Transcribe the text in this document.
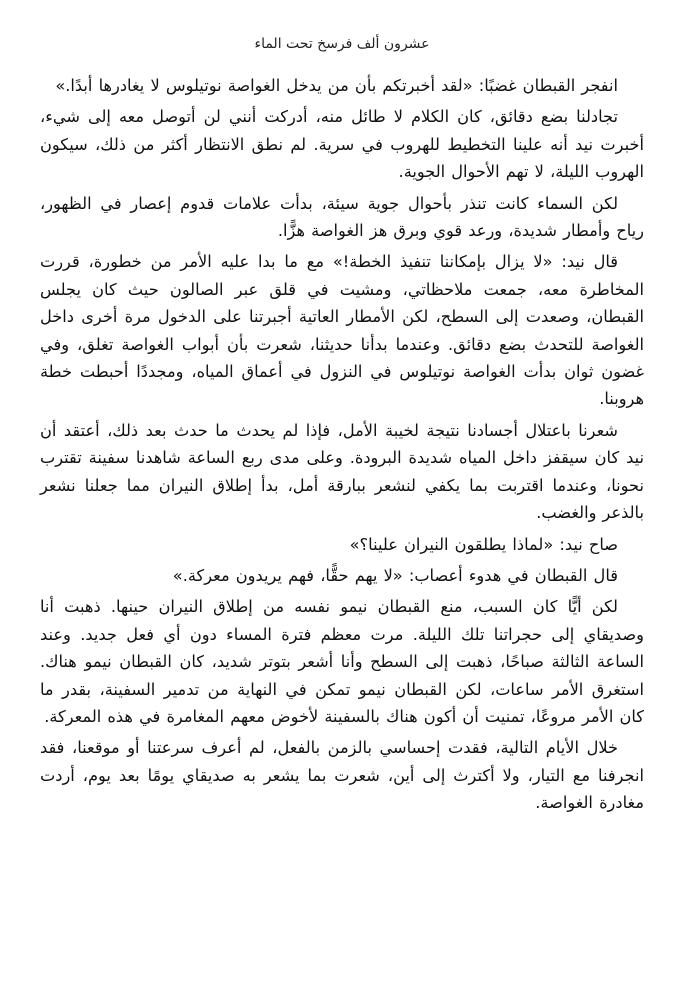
عشرون ألف فرسخ تحت الماء

انفجر القبطان غضبًا: «لقد أخبرتكم بأن من يدخل الغواصة نوتيلوس لا يغادرها أبدًا.»

تجادلنا بضع دقائق، كان الكلام لا طائل منه، أدركت أنني لن أتوصل معه إلى شيء، أخبرت نيد أنه علينا التخطيط للهروب في سرية. لم نطق الانتظار أكثر من ذلك، سيكون الهروب الليلة، لا تهم الأحوال الجوية.

لكن السماء كانت تنذر بأحوال جوية سيئة، بدأت علامات قدوم إعصار في الظهور، رياح وأمطار شديدة، ورعد قوي وبرق هز الغواصة هزًّا.

قال نيد: «لا يزال بإمكاننا تنفيذ الخطة!» مع ما بدا عليه الأمر من خطورة، قررت المخاطرة معه، جمعت ملاحظاتي، ومشيت في قلق عبر الصالون حيث كان يجلس القبطان، وصعدت إلى السطح، لكن الأمطار العاتية أجبرتنا على الدخول مرة أخرى داخل الغواصة للتحدث بضع دقائق. وعندما بدأنا حديثنا، شعرت بأن أبواب الغواصة تغلق، وفي غضون ثوان بدأت الغواصة نوتيلوس في النزول في أعماق المياه، ومجددًا أحبطت خطة هروبنا.

شعرنا باعتلال أجسادنا نتيجة لخيبة الأمل، فإذا لم يحدث ما حدث بعد ذلك، أعتقد أن نيد كان سيقفز داخل المياه شديدة البرودة. وعلى مدى ربع الساعة شاهدنا سفينة تقترب نحونا، وعندما اقتربت بما يكفي لنشعر ببارقة أمل، بدأ إطلاق النيران مما جعلنا نشعر بالذعر والغضب.

صاح نيد: «لماذا يطلقون النيران علينا؟»

قال القبطان في هدوء أعصاب: «لا يهم حقًّا، فهم يريدون معركة.»

لكن أيًّا كان السبب، منع القبطان نيمو نفسه من إطلاق النيران حينها. ذهبت أنا وصديقاي إلى حجراتنا تلك الليلة. مرت معظم فترة المساء دون أي فعل جديد. وعند الساعة الثالثة صباحًا، ذهبت إلى السطح وأنا أشعر بتوتر شديد، كان القبطان نيمو هناك. استغرق الأمر ساعات، لكن القبطان نيمو تمكن في النهاية من تدمير السفينة، بقدر ما كان الأمر مروعًا، تمنيت أن أكون هناك بالسفينة لأخوض معهم المغامرة في هذه المعركة.

خلال الأيام التالية، فقدت إحساسي بالزمن بالفعل، لم أعرف سرعتنا أو موقعنا، فقد انجرفنا مع التيار، ولا أكترث إلى أين، شعرت بما يشعر به صديقاي يومًا بعد يوم، أردت مغادرة الغواصة.
